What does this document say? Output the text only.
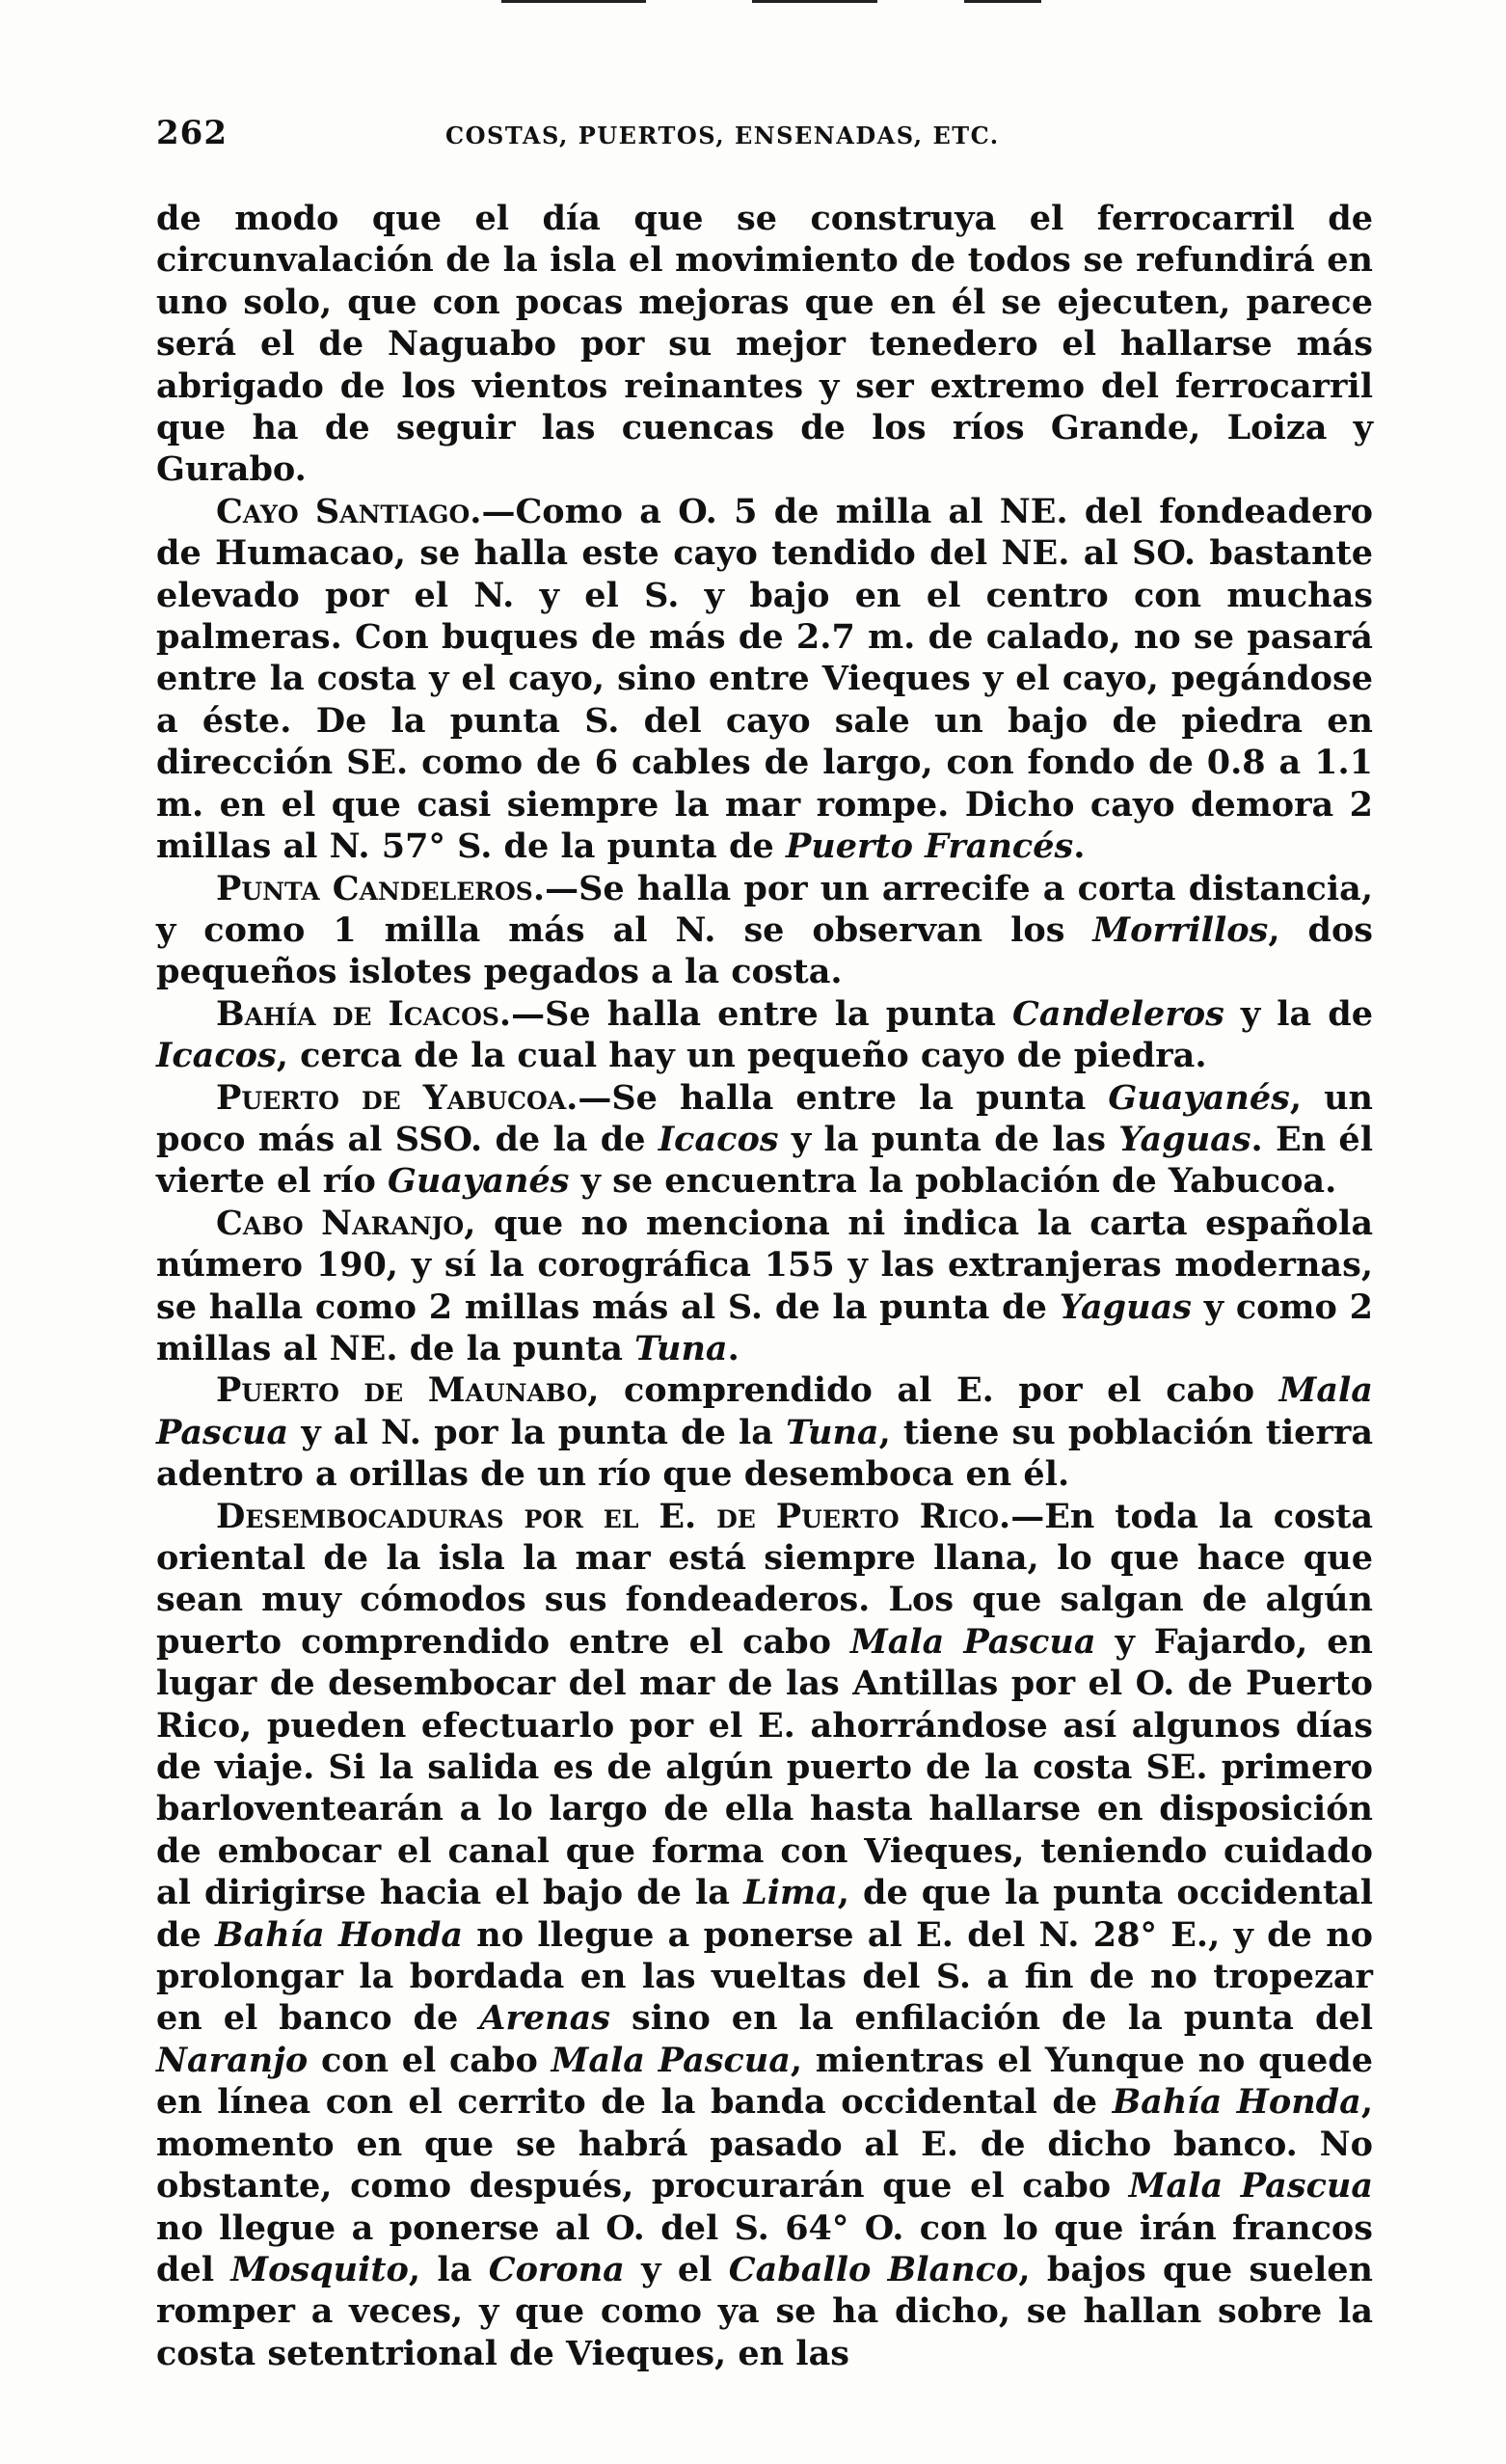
262	COSTAS, PUERTOS, ENSENADAS, ETC.

de modo que el día que se construya el ferrocarril de circunvalación de la isla el movimiento de todos se refundirá en uno solo, que con pocas mejoras que en él se ejecuten, parece será el de Naguabo por su mejor tenedero el hallarse más abrigado de los vientos reinantes y ser extremo del ferrocarril que ha de seguir las cuencas de los ríos Grande, Loiza y Gurabo.

Cayo Santiago.—Como a O. 5 de milla al NE. del fondeadero de Humacao, se halla este cayo tendido del NE. al SO. bastante elevado por el N. y el S. y bajo en el centro con muchas palmeras. Con buques de más de 2.7 m. de calado, no se pasará entre la costa y el cayo, sino entre Vieques y el cayo, pegándose a éste. De la punta S. del cayo sale un bajo de piedra en dirección SE. como de 6 cables de largo, con fondo de 0.8 a 1.1 m. en el que casi siempre la mar rompe. Dicho cayo demora 2 millas al N. 57° S. de la punta de Puerto Francés.

Punta Candeleros.—Se halla por un arrecife a corta distancia, y como 1 milla más al N. se observan los Morrillos, dos pequeños islotes pegados a la costa.

Bahía de Icacos.—Se halla entre la punta Candeleros y la de Icacos, cerca de la cual hay un pequeño cayo de piedra.

Puerto de Yabucoa.—Se halla entre la punta Guayanés, un poco más al SSO. de la de Icacos y la punta de las Yaguas. En él vierte el río Guayanés y se encuentra la población de Yabucoa.

Cabo Naranjo, que no menciona ni indica la carta española número 190, y sí la corográfica 155 y las extranjeras modernas, se halla como 2 millas más al S. de la punta de Yaguas y como 2 millas al NE. de la punta Tuna.

Puerto de Maunabo, comprendido al E. por el cabo Mala Pascua y al N. por la punta de la Tuna, tiene su población tierra adentro a orillas de un río que desemboca en él.

Desembocaduras por el E. de Puerto Rico.—En toda la costa oriental de la isla la mar está siempre llana, lo que hace que sean muy cómodos sus fondeaderos. Los que salgan de algún puerto comprendido entre el cabo Mala Pascua y Fajardo, en lugar de desembocar del mar de las Antillas por el O. de Puerto Rico, pueden efectuarlo por el E. ahorrándose así algunos días de viaje. Si la salida es de algún puerto de la costa SE. primero barloventearán a lo largo de ella hasta hallarse en disposición de embocar el canal que forma con Vieques, teniendo cuidado al dirigirse hacia el bajo de la Lima, de que la punta occidental de Bahía Honda no llegue a ponerse al E. del N. 28° E., y de no prolongar la bordada en las vueltas del S. a fin de no tropezar en el banco de Arenas sino en la enfilación de la punta del Naranjo con el cabo Mala Pascua, mientras el Yunque no quede en línea con el cerrito de la banda occidental de Bahía Honda, momento en que se habrá pasado al E. de dicho banco. No obstante, como después, procurarán que el cabo Mala Pascua no llegue a ponerse al O. del S. 64° O. con lo que irán francos del Mosquito, la Corona y el Caballo Blanco, bajos que suelen romper a veces, y que como ya se ha dicho, se hallan sobre la costa setentrional de Vieques, en las
